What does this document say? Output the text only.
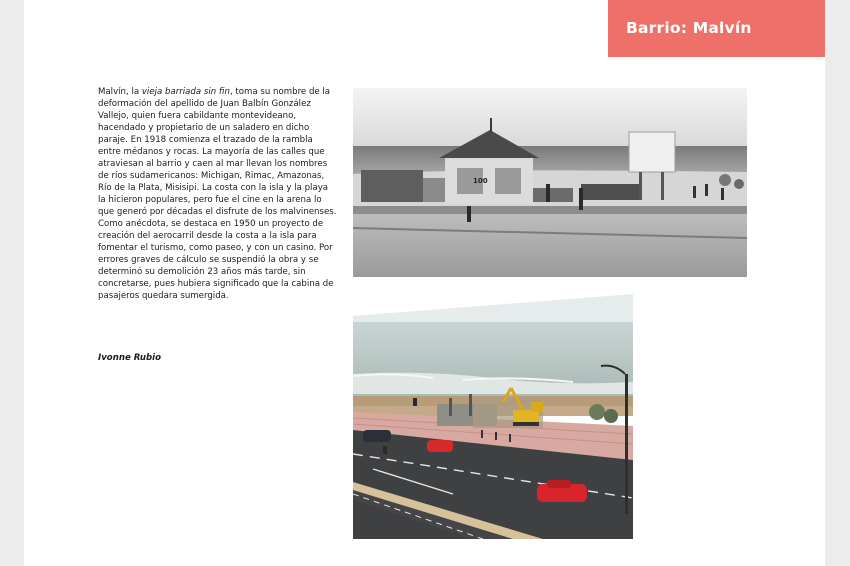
Barrio: Malvín

Malvín, la vieja barriada sin fin, toma su nombre de la deformación del apellido de Juan Balbín González Vallejo, quien fuera cabildante montevideano, hacendado y propietario de un saladero en dicho paraje. En 1918 comienza el trazado de la rambla entre médanos y rocas. La mayoría de las calles que atraviesan al barrio y caen al mar llevan los nombres de ríos sudamericanos: Michigan, Rimac, Amazonas, Río de la Plata, Misisipi. La costa con la isla y la playa la hicieron populares, pero fue el cine en la arena lo que generó por décadas el disfrute de los malvinenses. Como anécdota, se destaca en 1950 un proyecto de creación del aerocarril desde la costa a la isla para fomentar el turismo, como paseo, y con un casino. Por errores graves de cálculo se suspendió la obra y se determinó su demolición 23 años más tarde, sin concretarse, pues hubiera significado que la cabina de pasajeros quedara sumergida.

Ivonne Rubio
100
